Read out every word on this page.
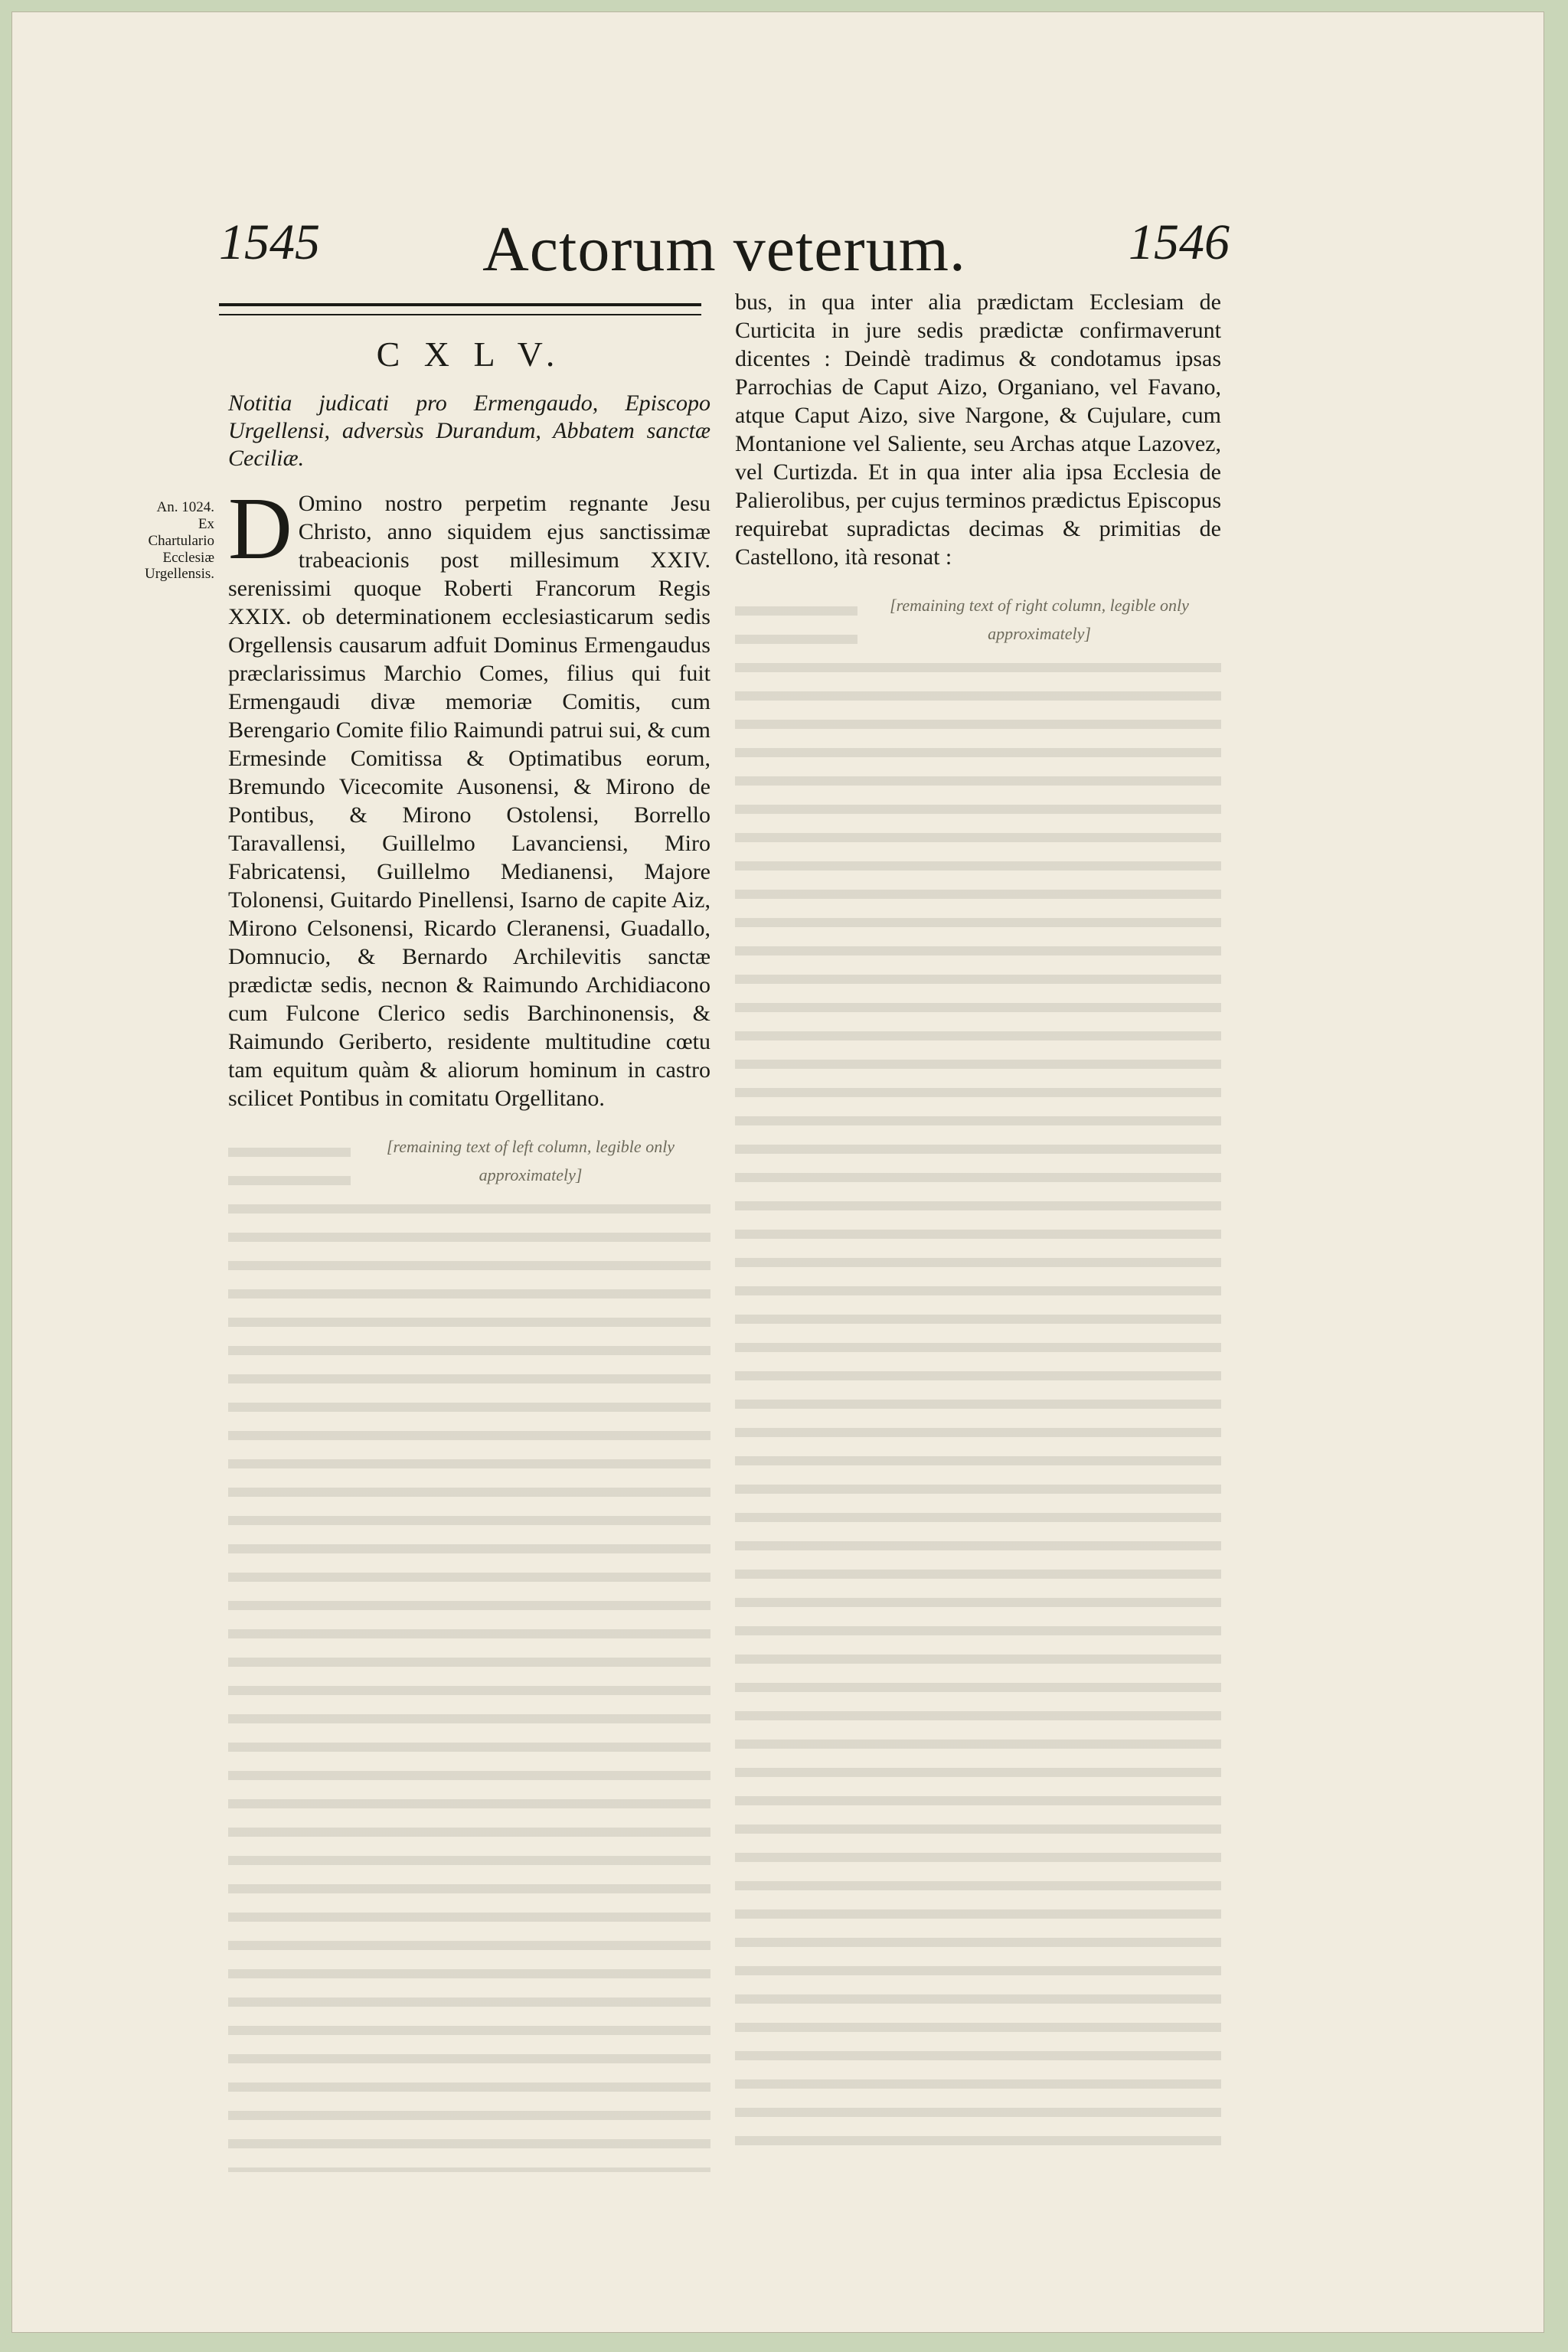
1545	Actorum veterum.	1546
An. 1024. Ex Chartulario Ecclesiæ Urgellensis.
C X L V.

Notitia judicati pro Ermengaudo, Episcopo Urgellensi, adversùs Durandum, Abbatem sanctæ Ceciliæ.

D Omino nostro perpetim regnante Jesu Christo, anno siquidem ejus sanctissimæ trabeacionis post millesimum XXIV. serenissimi quoque Roberti Francorum Regis XXIX. ob determinationem ecclesiasticarum sedis Orgellensis causarum adfuit Dominus Ermengaudus præclarissimus Marchio Comes, filius qui fuit Ermengaudi divæ memoriæ Comitis, cum Berengario Comite filio Raimundi patrui sui, & cum Ermesinde Comitissa & Optimatibus eorum, Bremundo Vicecomite Ausonensi, & Mirono de Pontibus, & Mirono Ostolensi, Borrello Taravallensi, Guillelmo Lavanciensi, Miro Fabricatensi, Guillelmo Medianensi, Majore Tolonensi, Guitardo Pinellensi, Isarno de capite Aiz, Mirono Celsonensi, Ricardo Cleranensi, Guadallo, Domnucio, & Bernardo Archilevitis sanctæ prædictæ sedis, necnon & Raimundo Archidiacono cum Fulcone Clerico sedis Barchinonensis, & Raimundo Geriberto, residente multitudine cœtu tam equitum quàm & aliorum hominum in castro scilicet Pontibus in comitatu Orgellitano.

[remaining text of left column, legible only approximately]

bus, in qua inter alia prædictam Ecclesiam de Curticita in jure sedis prædictæ confirmaverunt dicentes : Deindè tradimus & condotamus ipsas Parrochias de Caput Aizo, Organiano, vel Favano, atque Caput Aizo, sive Nargone, & Cujulare, cum Montanione vel Saliente, seu Archas atque Lazovez, vel Curtizda. Et in qua inter alia ipsa Ecclesia de Palierolibus, per cujus terminos prædictus Episcopus requirebat supradictas decimas & primitias de Castellono, ità resonat :

[remaining text of right column, legible only approximately]
